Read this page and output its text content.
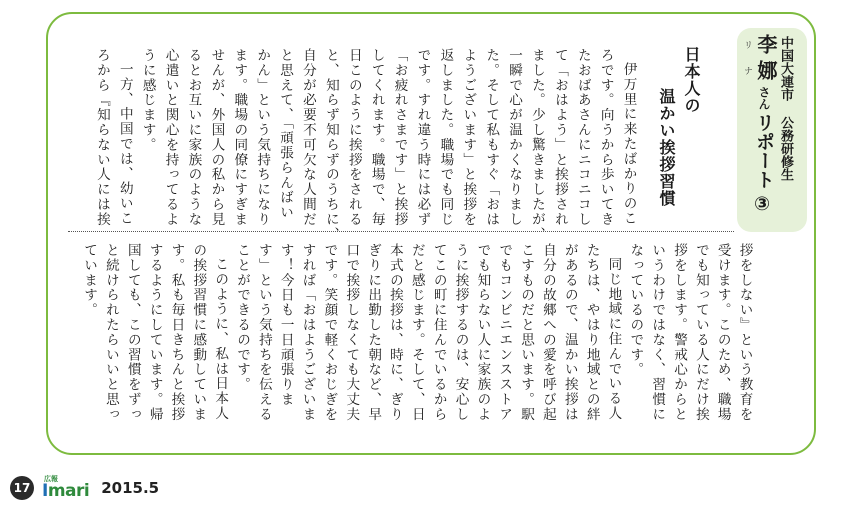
中国大連市 公務研修生
李
リ
娜
ナ
さん
リポート
③
日本人の
温かい挨拶習慣
伊万里に来たばかりのこ
ろです。向うから歩いてき
たおばあさんにニコニコし
て「おはよう」と挨拶され
ました。少し驚きましたが、
一瞬で心が温かくなりまし
た。そして私もすぐ「おは
ようございます」と挨拶を
返しました。職場でも同じ
です。すれ違う時には必ず
「お疲れさまです」と挨拶
してくれます。職場で、毎
日このように挨拶をされる
と、知らず知らずのうちに、
自分が必要不可欠な人間だ
と思えて、「頑張らんばい
かん」という気持ちになり
ます。職場の同僚にすぎま
せんが、外国人の私から見
るとお互いに家族のような
心遣いと関心を持ってるよ
うに感じます。
一方、中国では、幼いこ
ろから『知らない人には挨
拶をしない』という教育を
受けます。このため、職場
でも知っている人にだけ挨
拶をします。警戒心からと
いうわけではなく、習慣に
なっているのです。
同じ地域に住んでいる人
たちは、やはり地域との絆
があるので、温かい挨拶は
自分の故郷への愛を呼び起
こすものだと思います。駅
でもコンビニエンスストア
でも知らない人に家族のよ
うに挨拶するのは、安心し
てこの町に住んでいるから
だと感じます。そして、日
本式の挨拶は、時に、ぎり
ぎりに出勤した朝など、早
口で挨拶しなくても大丈夫
です。笑顔で軽くおじぎを
すれば「おはようございま
す！今日も一日頑張りま
す」という気持ちを伝える
ことができるのです。
このように、私は日本人
の挨拶習慣に感動していま
す。私も毎日きちんと挨拶
するようにしています。帰
国しても、この習慣をずっ
と続けられたらいいと思っ
ています。
17
広報
Imari 2015.5
